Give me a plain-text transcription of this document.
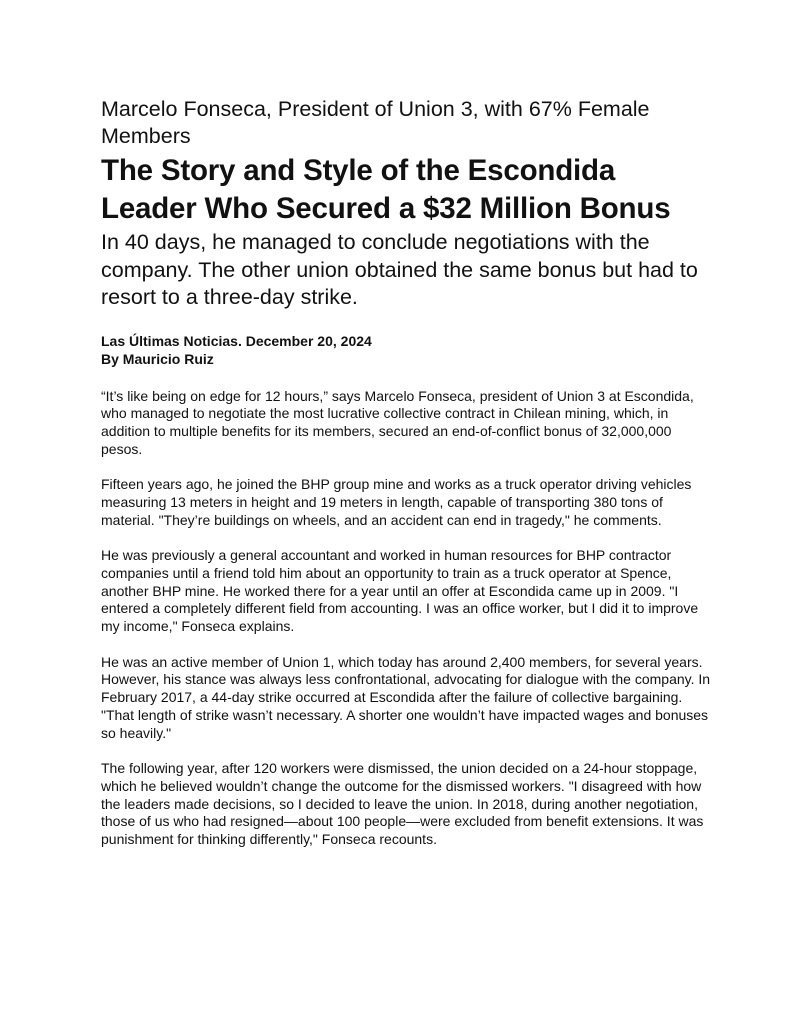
Marcelo Fonseca, President of Union 3, with 67% Female Members
The Story and Style of the Escondida Leader Who Secured a $32 Million Bonus
In 40 days, he managed to conclude negotiations with the company. The other union obtained the same bonus but had to resort to a three-day strike.
Las Últimas Noticias. December 20, 2024
By Mauricio Ruiz

“It’s like being on edge for 12 hours,” says Marcelo Fonseca, president of Union 3 at Escondida, who managed to negotiate the most lucrative collective contract in Chilean mining, which, in addition to multiple benefits for its members, secured an end-of-conflict bonus of 32,000,000 pesos.

Fifteen years ago, he joined the BHP group mine and works as a truck operator driving vehicles measuring 13 meters in height and 19 meters in length, capable of transporting 380 tons of material. "They’re buildings on wheels, and an accident can end in tragedy," he comments.

He was previously a general accountant and worked in human resources for BHP contractor companies until a friend told him about an opportunity to train as a truck operator at Spence, another BHP mine. He worked there for a year until an offer at Escondida came up in 2009. "I entered a completely different field from accounting. I was an office worker, but I did it to improve my income," Fonseca explains.

He was an active member of Union 1, which today has around 2,400 members, for several years. However, his stance was always less confrontational, advocating for dialogue with the company. In February 2017, a 44-day strike occurred at Escondida after the failure of collective bargaining. "That length of strike wasn’t necessary. A shorter one wouldn’t have impacted wages and bonuses so heavily."

The following year, after 120 workers were dismissed, the union decided on a 24-hour stoppage, which he believed wouldn’t change the outcome for the dismissed workers. "I disagreed with how the leaders made decisions, so I decided to leave the union. In 2018, during another negotiation, those of us who had resigned—about 100 people—were excluded from benefit extensions. It was punishment for thinking differently," Fonseca recounts.
